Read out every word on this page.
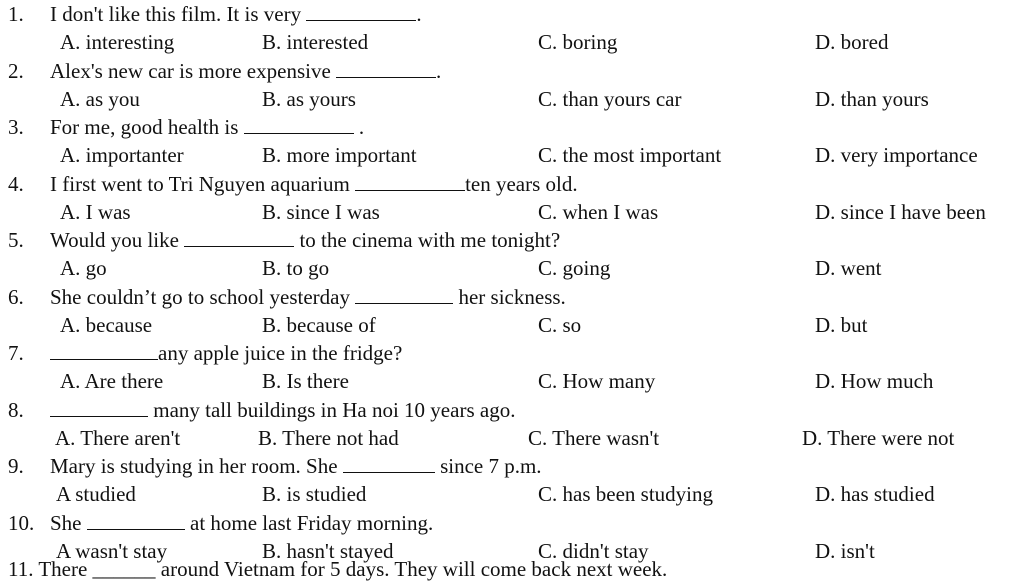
1. I don't like this film. It is very	.
A. interesting	B. interested	C. boring	D. bored
2. Alex's new car is more expensive	.
A. as you	B. as yours	C. than yours car	D. than yours
3. For me, good health is	.
A. importanter	B. more important	C. the most important	D. very importance
4. I first went to Tri Nguyen aquarium	ten years old.
A. I was	B. since I was	C. when I was	D. since I have been
5. Would you like	to the cinema with me tonight?
A. go	B. to go	C. going	D. went
6. She couldn’t go to school yesterday	her sickness.
A. because	B. because of	C. so	D. but
7.	any apple juice in the fridge?
A. Are there	B. Is there	C. How many	D. How much
8.	many tall buildings in Ha noi 10 years ago.
A. There aren't	B. There not had	C. There wasn't	D. There were not
9. Mary is studying in her room. She	since 7 p.m.
A studied	B. is studied	C. has been studying	D. has studied
10. She	at home last Friday morning.
A wasn't stay	B. hasn't stayed	C. didn't stay	D. isn't
11. There ______ around Vietnam for 5 days. They will come back next week.
